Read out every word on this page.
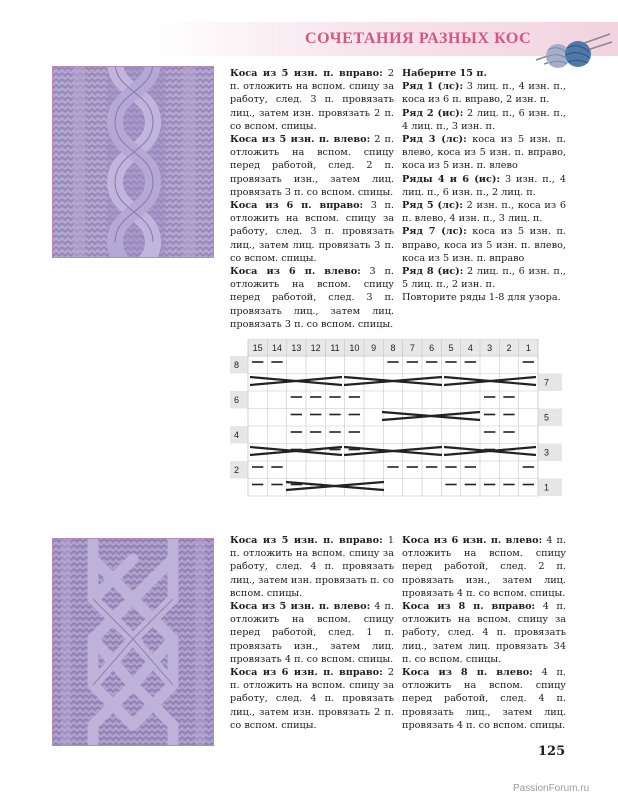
СОЧЕТАНИЯ РАЗНЫХ КОС

Коса из 5 изн. п. вправо: 2 п. отложить на вспом. спицу за работу, след. 3 п. провязать лиц., затем изн. провязать 2 п. со вспом. спицы.

Коса из 5 изн. п. влево: 2 п. отложить на вспом. спицу перед работой, след. 2 п. провязать изн., затем лиц. провязать 3 п. со вспом. спицы.

Коса из 6 п. вправо: 3 п. отложить на вспом. спицу за работу, след. 3 п. провязать лиц., затем лиц. провязать 3 п. со вспом. спицы.

Коса из 6 п. влево: 3 п. отложить на вспом. спицу перед работой, след. 3 п. провязать лиц., затем лиц. провязать 3 п. со вспом. спицы.

Наберите 15 п.

Ряд 1 (лс): 3 лиц. п., 4 изн. п., коса из 6 п. вправо, 2 изн. п.

Ряд 2 (ис): 2 лиц. п., 6 изн. п., 4 лиц. п., 3 изн. п.

Ряд 3 (лс): коса из 5 изн. п. влево, коса из 5 изн. п. вправо, коса из 5 изн. п. влево

Ряды 4 и 6 (ис): 3 изн. п., 4 лиц. п., 6 изн. п., 2 лиц. п.

Ряд 5 (лс): 2 изн. п., коса из 6 п. влево, 4 изн. п., 3 лиц. п.

Ряд 7 (лс): коса из 5 изн. п. вправо, коса из 5 изн. п. влево, коса из 5 изн. п. вправо

Ряд 8 (ис): 2 лиц. п., 6 изн. п., 5 лиц. п., 2 изн. п.

Повторите ряды 1-8 для узора.

15 14 13 12 11 10 9 8 7 6 5 4 3 2 1
8
6
4
2
7
5
3
1

Коса из 5 изн. п. вправо: 1 п. отложить на вспом. спицу за работу, след. 4 п. провязать лиц., затем изн. провязать п. со вспом. спицы.

Коса из 5 изн. п. влево: 4 п. отложить на вспом. спицу перед работой, след. 1 п. провязать изн., затем лиц. провязать 4 п. со вспом. спицы.

Коса из 6 изн. п. вправо: 2 п. отложить на вспом. спицу за работу, след. 4 п. провязать лиц., затем изн. провязать 2 п. со вспом. спицы.

Коса из 6 изн. п. влево: 4 п. отложить на вспом. спицу перед работой, след. 2 п. провязать изн., затем лиц. провязать 4 п. со вспом. спицы.

Коса из 8 п. вправо: 4 п. отложить на вспом. спицу за работу, след. 4 п. провязать лиц., затем лиц. провязать 34 п. со вспом. спицы.

Коса из 8 п. влево: 4 п. отложить на вспом. спицу перед работой, след. 4 п. провязать лиц., затем лиц. провязать 4 п. со вспом. спицы.

125
PassionForum.ru
